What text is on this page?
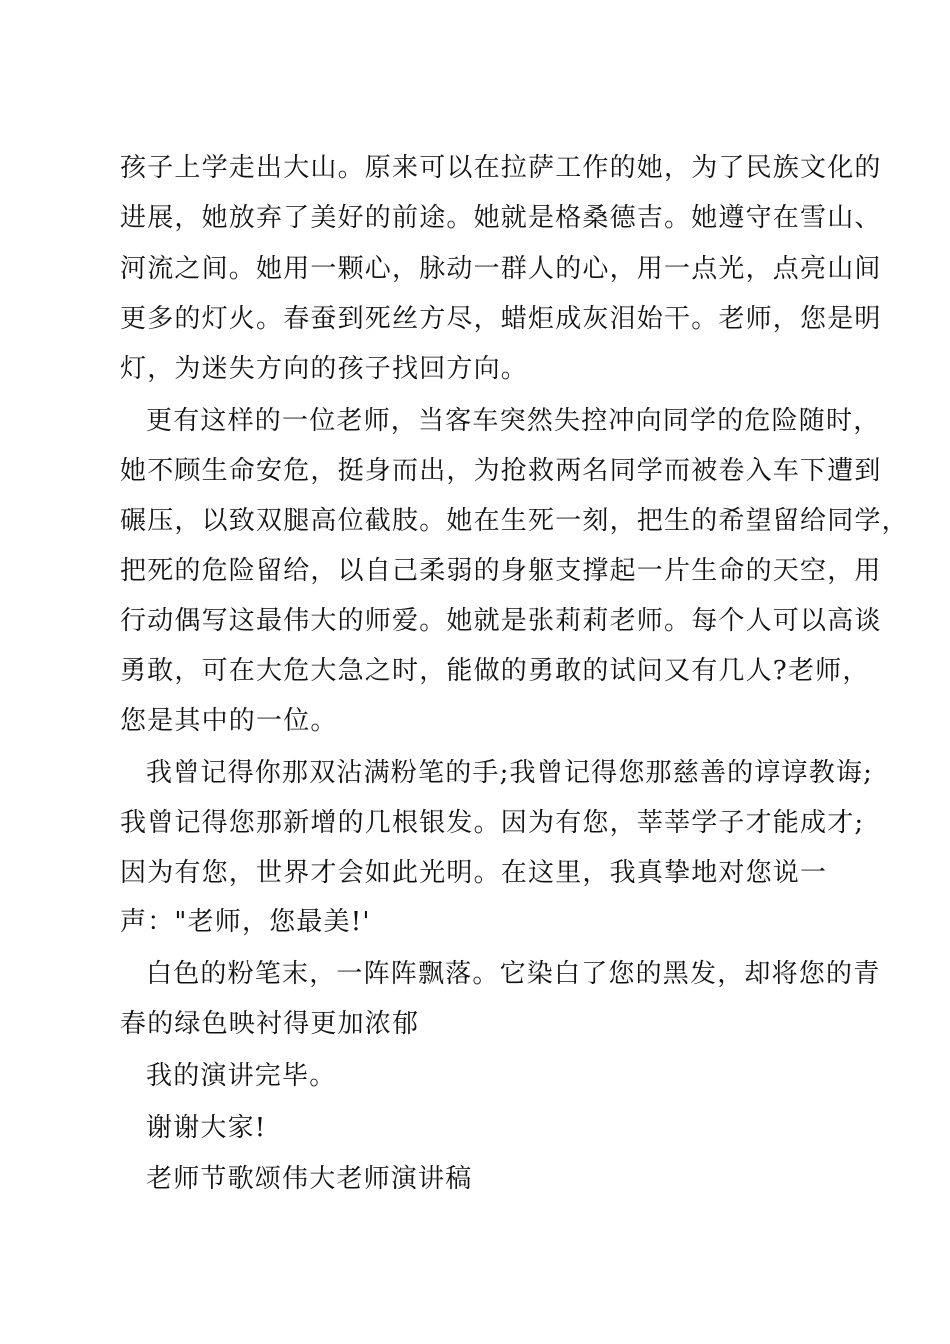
孩子上学走出大山。原来可以在拉萨工作的她，为了民族文化的
进展，她放弃了美好的前途。她就是格桑德吉。她遵守在雪山、
河流之间。她用一颗心，脉动一群人的心，用一点光，点亮山间
更多的灯火。春蚕到死丝方尽，蜡炬成灰泪始干。老师，您是明
灯，为迷失方向的孩子找回方向。
更有这样的一位老师，当客车突然失控冲向同学的危险随时，
她不顾生命安危，挺身而出，为抢救两名同学而被卷入车下遭到
碾压，以致双腿高位截肢。她在生死一刻，把生的希望留给同学，
把死的危险留给，以自己柔弱的身躯支撑起一片生命的天空，用
行动偶写这最伟大的师爱。她就是张莉莉老师。每个人可以高谈
勇敢，可在大危大急之时，能做的勇敢的试问又有几人?老师，
您是其中的一位。
我曾记得你那双沾满粉笔的手;我曾记得您那慈善的谆谆教诲;
我曾记得您那新增的几根银发。因为有您，莘莘学子才能成才;
因为有您，世界才会如此光明。在这里，我真挚地对您说一
声："老师，您最美!'
白色的粉笔末，一阵阵飘落。它染白了您的黑发，却将您的青
春的绿色映衬得更加浓郁
我的演讲完毕。
谢谢大家!
老师节歌颂伟大老师演讲稿
